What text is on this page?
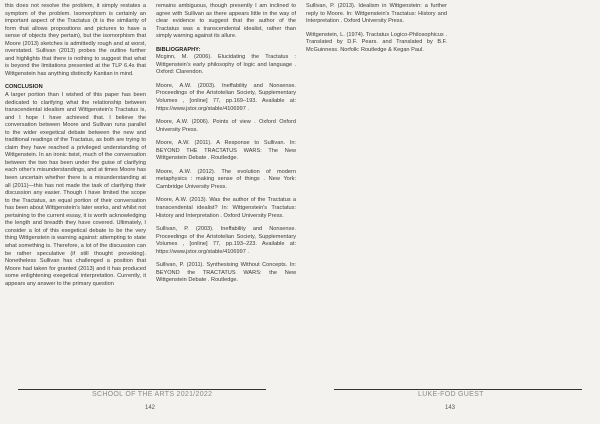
this does not resolve the problem, it simply restates a symptom of the problem. Isomorphism is certainly an important aspect of the Tractatus (it is the similarity of form that allows propositions and pictures to have a sense of objects they pertain), but the isomorphism that Moore (2013) sketches is admittedly rough and at worst, overstated. Sullivan (2013) probes the outline further and highlights that there is nothing to suggest that what is beyond the limitations presented at the TLP 6.4s that Wittgenstein has anything distinctly Kantian in mind.

CONCLUSION

A larger portion than I wished of this paper has been dedicated to clarifying what the relationship between transcendental idealism and Wittgenstein's Tractatus is, and I hope I have achieved that. I believe the conversation between Moore and Sullivan runs parallel to the wider exegetical debate between the new and traditional readings of the Tractatus, as both are trying to claim they have reached a privileged understanding of Wittgenstein. In an ironic twist, much of the conversation between the two has been under the guise of clarifying each other's misunderstandings, and at times Moore has been uncertain whether there is a misunderstanding at all (2011)—this has not made the task of clarifying their discussion any easier. Though I have limited the scope to the Tractatus, an equal portion of their conversation has been about Wittgenstein's later works, and whilst not pertaining to the current essay, it is worth acknowledging the length and breadth they have covered. Ultimately, I consider a lot of this exegetical debate to be the very thing Wittgenstein is warning against: attempting to state what something is. Therefore, a lot of the discussion can be rather speculative (if still thought provoking). Nonetheless Sullivan has challenged a position that Moore had taken for granted (2013) and it has produced some enlightening exegetical interpretation. Currently, it appears any answer to the primary question

remains ambiguous, though presently I am inclined to agree with Sullivan as there appears little in the way of clear evidence to suggest that the author of the Tractatus was a transcendental idealist, rather than simply warning against its allure.

BIBLIOGRAPHY:

Mcginn, M. (2006). Elucidating the Tractatus : Wittgenstein's early philosophy of logic and language . Oxford: Clarendon.

Moore, A.W. (2003). Ineffability and Nonsense. Proceedings of the Aristotelian Society, Supplementary Volumes , [online] 77, pp.169–193. Available at: https://www.jstor.org/stable/4106997 .

Moore, A.W. (2006). Points of view . Oxford Oxford University Press.

Moore, A.W. (2011). A Response to Sullivan. In: BEYOND THE TRACTATUS WARS: The New Wittgenstein Debate . Routledge.

Moore, A.W. (2012). The evolution of modern metaphysics : making sense of things . New York: Cambridge University Press.

Moore, A.W. (2013). Was the author of the Tractatus a transcendental idealist? In: Wittgenstein's Tractatus: History and Interpretation . Oxford University Press.

Sullivan, P. (2003). Ineffability and Nonsense. Proceedings of the Aristotelian Society, Supplementary Volumes , [online] 77, pp.193–223. Available at: https://www.jstor.org/stable/4106997 .

Sullivan, P. (2011). Synthesising Without Concepts. In: BEYOND the TRACTATUS WARS: the New Wittgenstein Debate . Routledge.

Sullivan, P. (2013). Idealism in Wittgenstein: a further reply to Moore. In: Wittgenstein's Tractatus: History and Interpretation . Oxford University Press.

Wittgenstein, L. (1974). Tractatus Logico-Philosophicus . Translated by D.F. Pears. and Translated by B.F. McGuinness. Norfolk: Routledge & Kegan Paul.

SCHOOL OF THE ARTS 2021/2022
142
LUKE-FOD GUEST
143
